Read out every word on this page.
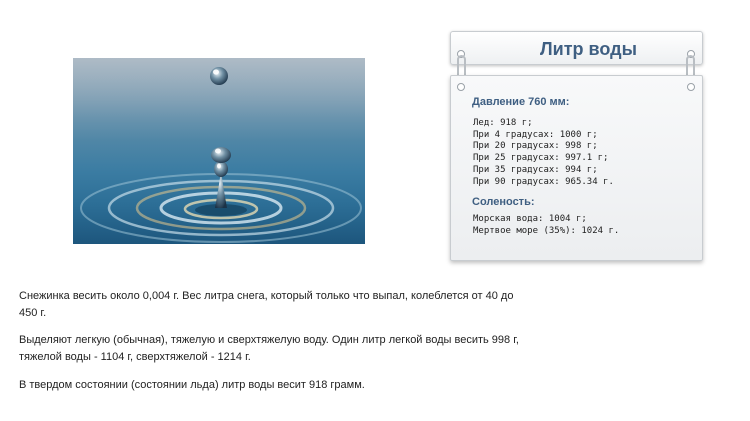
Литр воды
Давление 760 мм:
Лед: 918 г;
При 4 градусах: 1000 г;
При 20 градусах: 998 г;
При 25 градусах: 997.1 г;
При 35 градусах: 994 г;
При 90 градусах: 965.34 г.
Соленость:
Морская вода: 1004 г;
Мертвое море (35%): 1024 г.
Снежинка весить около 0,004 г. Вес литра снега, который только что выпал, колеблется от 40 до
450 г.
Выделяют легкую (обычная), тяжелую и сверхтяжелую воду. Один литр легкой воды весить 998 г,
тяжелой воды - 1104 г, сверхтяжелой - 1214 г.
В твердом состоянии (состоянии льда) литр воды весит 918 грамм.
